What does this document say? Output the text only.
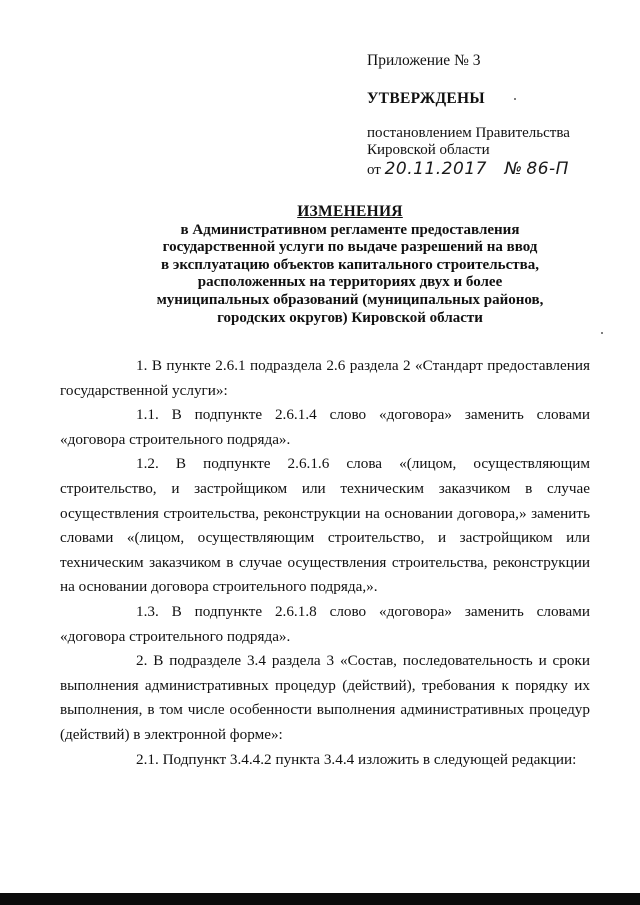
Приложение № 3
УТВЕРЖДЕНЫ
постановлением Правительства
Кировской области
от 20.11.2017 № 86-П
ИЗМЕНЕНИЯ
в Административном регламенте предоставления
государственной услуги по выдаче разрешений на ввод
в эксплуатацию объектов капитального строительства,
расположенных на территориях двух и более
муниципальных образований (муниципальных районов,
городских округов) Кировской области

1. В пункте 2.6.1 подраздела 2.6 раздела 2 «Стандарт предоставления государственной услуги»:

1.1. В подпункте 2.6.1.4 слово «договора» заменить словами «договора строительного подряда».

1.2. В подпункте 2.6.1.6 слова «(лицом, осуществляющим строительство, и застройщиком или техническим заказчиком в случае осуществления строительства, реконструкции на основании договора,» заменить словами «(лицом, осуществляющим строительство, и застройщиком или техническим заказчиком в случае осуществления строительства, реконструкции на основании договора строительного подряда,».

1.3. В подпункте 2.6.1.8 слово «договора» заменить словами «договора строительного подряда».

2. В подразделе 3.4 раздела 3 «Состав, последовательность и сроки выполнения административных процедур (действий), требования к порядку их выполнения, в том числе особенности выполнения административных процедур (действий) в электронной форме»:

2.1. Подпункт 3.4.4.2 пункта 3.4.4 изложить в следующей редакции:
